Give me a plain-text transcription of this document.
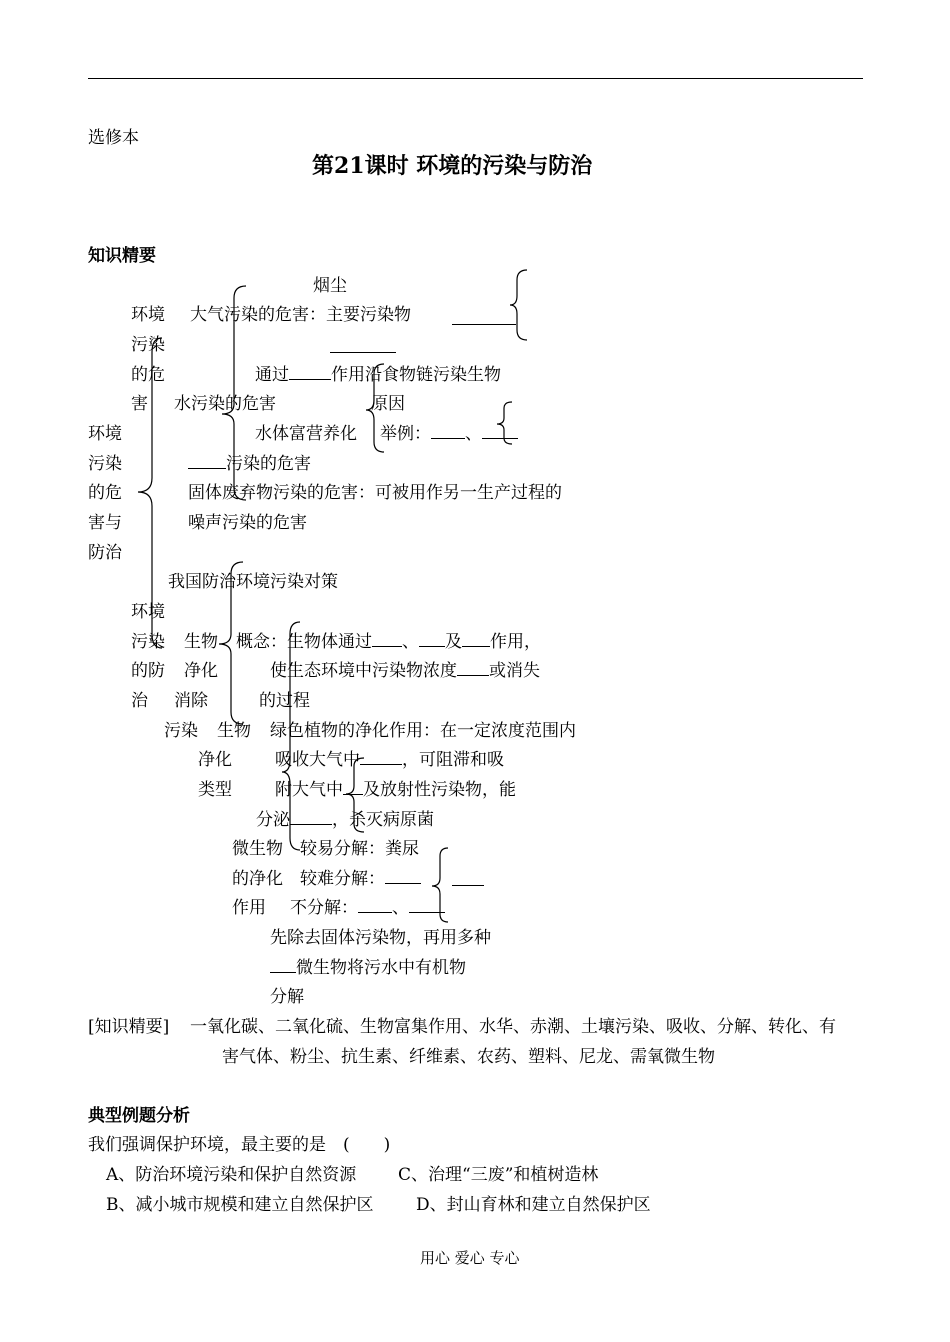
选修本
第21课时 环境的污染与防治
知识精要
烟尘
环境 大气污染的危害：主要污染物
污染
的危	通过 作用沿食物链污染生物
害 水污染的危害	原因
环境	水体富营养化 举例： 、
污染	污染的危害
的危	固体废弃物污染的危害：可被用作另一生产过程的
害与	噪声污染的危害
防治
我国防治环境污染对策
环境
污染 生物 概念：生物体通过 、 及 作用，
的防 净化	使生态环境中污染物浓度 或消失
治 消除	的过程
污染 生物 绿色植物的净化作用：在一定浓度范围内
净化	吸收大气中 ，可阻滞和吸
类型	附大气中 及放射性污染物，能
分泌 ，杀灭病原菌
微生物 较易分解：粪尿
的净化 较难分解：
作用 不分解： 、
先除去固体污染物，再用多种
微生物将污水中有机物
分解
[知识精要] 一氧化碳、二氧化硫、生物富集作用、水华、赤潮、土壤污染、吸收、分解、转化、有
害气体、粉尘、抗生素、纤维素、农药、塑料、尼龙、需氧微生物
典型例题分析
我们强调保护环境，最主要的是　(　　)
A、防治环境污染和保护自然资源 C、治理“三废”和植树造林
B、减小城市规模和建立自然保护区	D、封山育林和建立自然保护区
用心 爱心 专心
